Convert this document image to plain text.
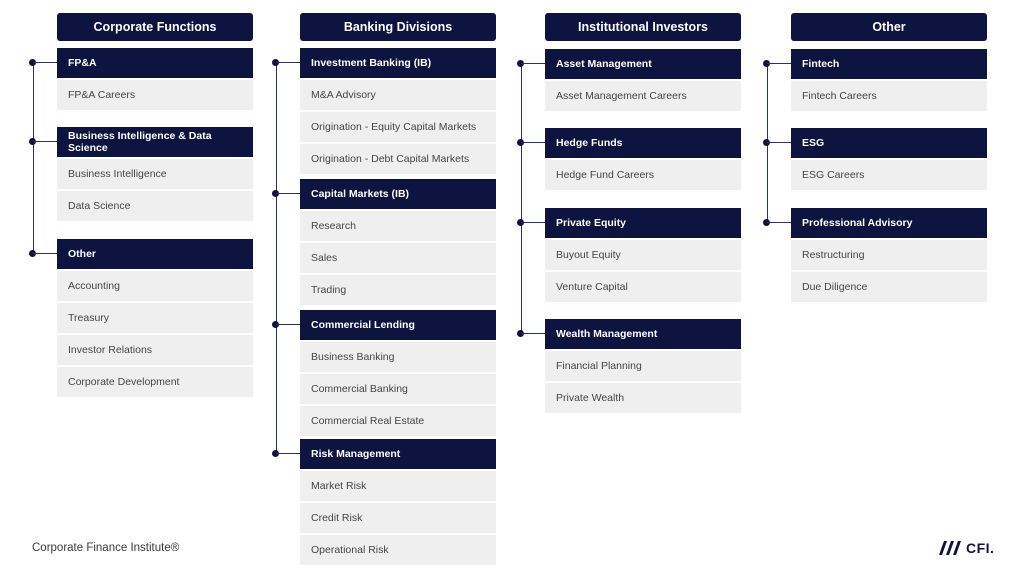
Corporate Functions
FP&A
FP&A Careers
Business Intelligence & Data Science
Business Intelligence
Data Science
Other
Accounting
Treasury
Investor Relations
Corporate Development
Banking Divisions
Investment Banking (IB)
M&A Advisory
Origination - Equity Capital Markets
Origination - Debt Capital Markets
Capital Markets (IB)
Research
Sales
Trading
Commercial Lending
Business Banking
Commercial Banking
Commercial Real Estate
Risk Management
Market Risk
Credit Risk
Operational Risk
Institutional Investors
Asset Management
Asset Management Careers
Hedge Funds
Hedge Fund Careers
Private Equity
Buyout Equity
Venture Capital
Wealth Management
Financial Planning
Private Wealth
Other
Fintech
Fintech Careers
ESG
ESG Careers
Professional Advisory
Restructuring
Due Diligence
Corporate Finance Institute®	CFI.
